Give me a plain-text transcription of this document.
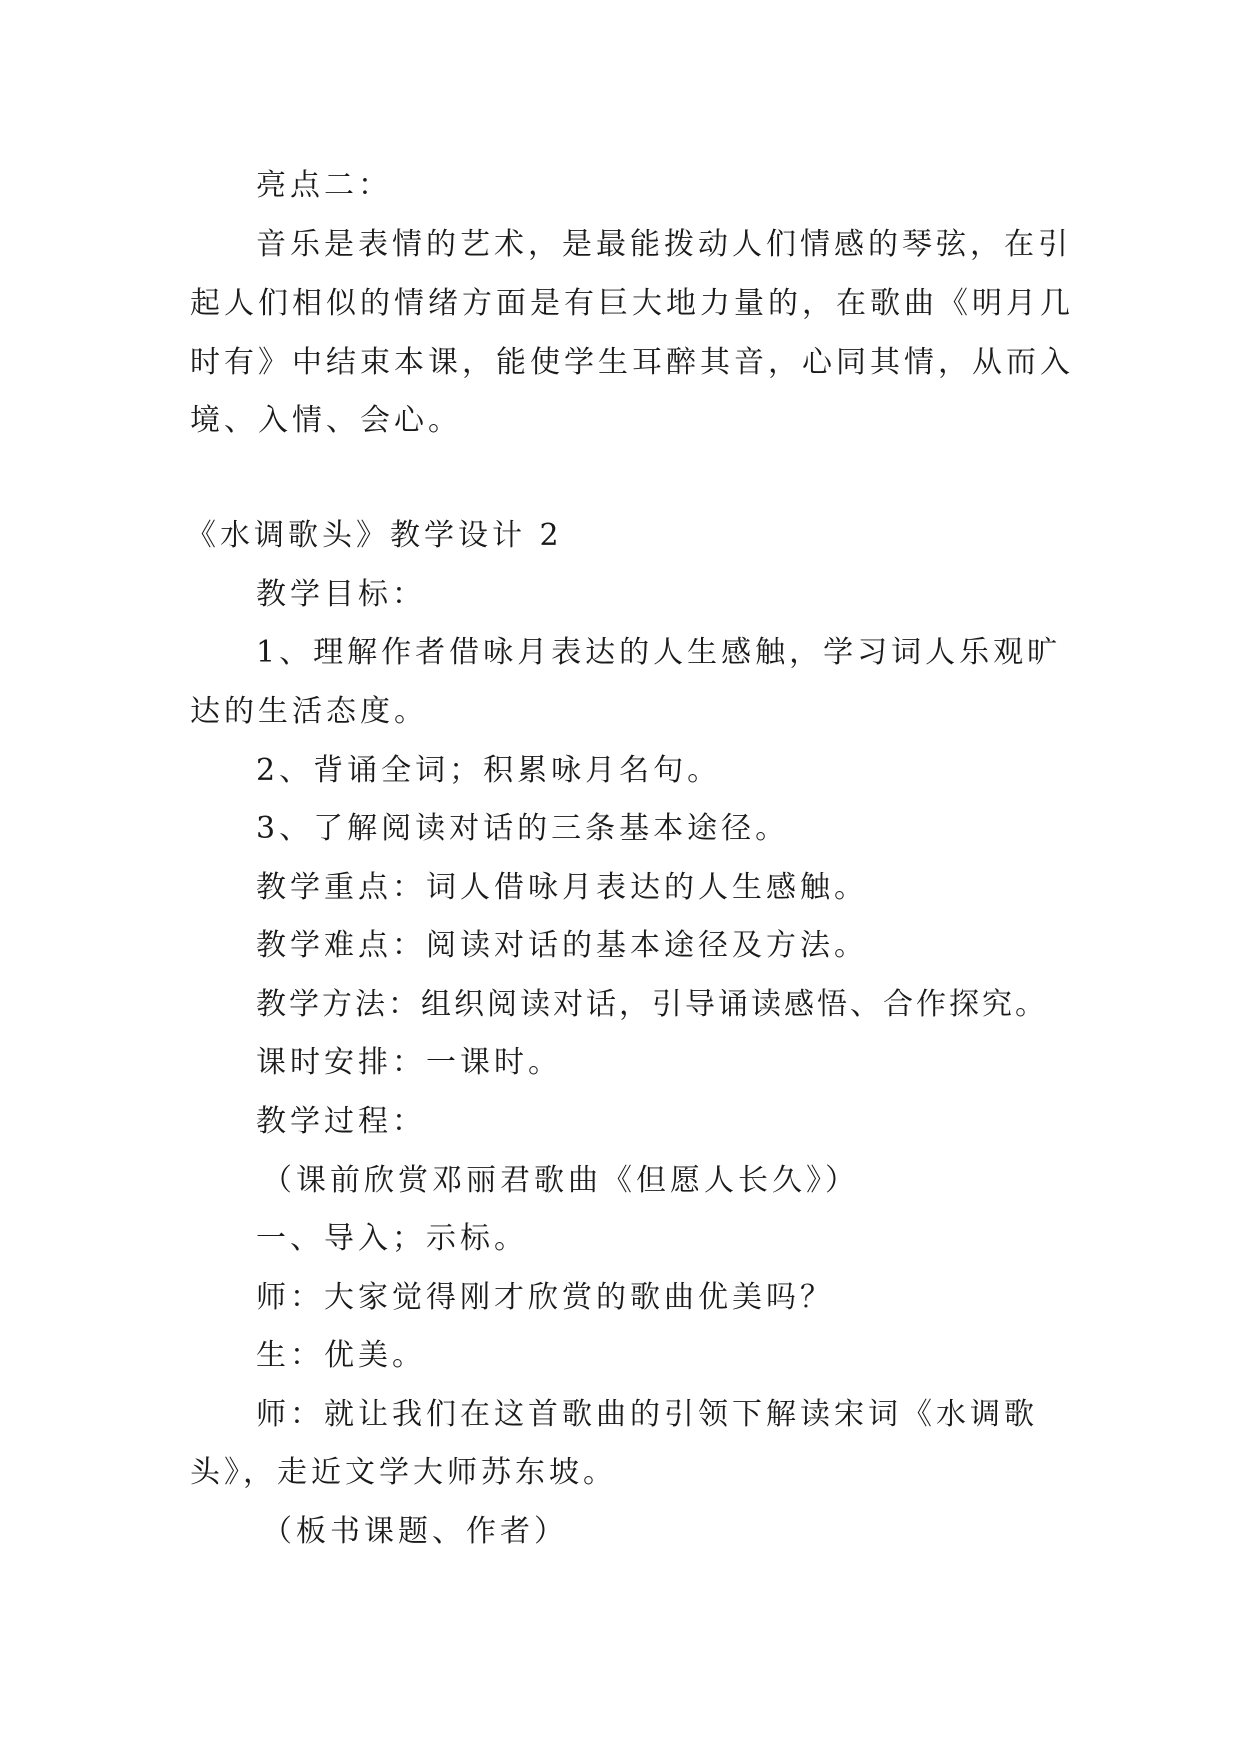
亮点二：
音乐是表情的艺术，是最能拨动人们情感的琴弦，在引
起人们相似的情绪方面是有巨大地力量的，在歌曲《明月几
时有》中结束本课，能使学生耳醉其音，心同其情，从而入
境、入情、会心。
《水调歌头》教学设计 2
教学目标：
1、理解作者借咏月表达的人生感触，学习词人乐观旷
达的生活态度。
2、背诵全词；积累咏月名句。
3、了解阅读对话的三条基本途径。
教学重点：词人借咏月表达的人生感触。
教学难点：阅读对话的基本途径及方法。
教学方法：组织阅读对话，引导诵读感悟、合作探究。
课时安排：一课时。
教学过程：
（课前欣赏邓丽君歌曲《但愿人长久》）
一、导入；示标。
师：大家觉得刚才欣赏的歌曲优美吗？
生：优美。
师：就让我们在这首歌曲的引领下解读宋词《水调歌
头》，走近文学大师苏东坡。
（板书课题、作者）
